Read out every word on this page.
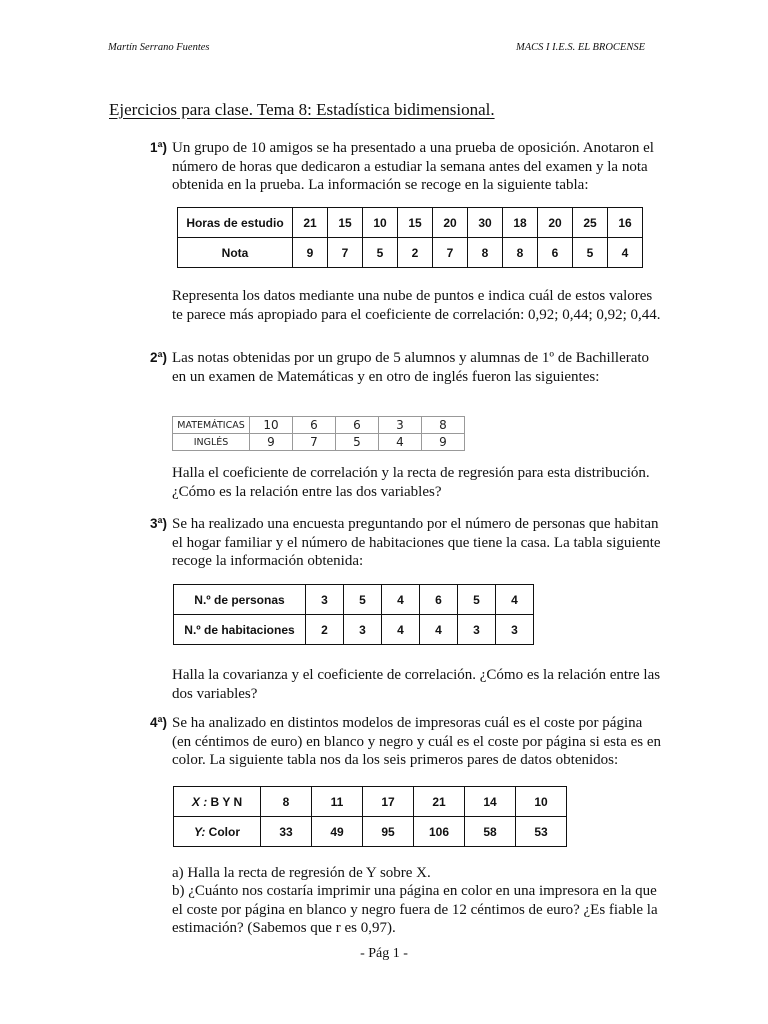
Martín Serrano Fuentes	MACS I I.E.S. EL BROCENSE
Ejercicios para clase. Tema 8: Estadística bidimensional.
1ª) Un grupo de 10 amigos se ha presentado a una prueba de oposición. Anotaron el número de horas que dedicaron a estudiar la semana antes del examen y la nota obtenida en la prueba. La información se recoge en la siguiente tabla:
Horas de estudio	21	15	10	15	20	30	18	20	25	16
Nota	9	7	5	2	7	8	8	6	5	4
Representa los datos mediante una nube de puntos e indica cuál de estos valores te parece más apropiado para el coeficiente de correlación: 0,92; 0,44; 0,92; 0,44.
2ª) Las notas obtenidas por un grupo de 5 alumnos y alumnas de 1º de Bachillerato en un examen de Matemáticas y en otro de inglés fueron las siguientes:
MATEMÁTICAS	10	6	6	3	8
INGLÉS	9	7	5	4	9
Halla el coeficiente de correlación y la recta de regresión para esta distribución. ¿Cómo es la relación entre las dos variables?
3ª) Se ha realizado una encuesta preguntando por el número de personas que habitan el hogar familiar y el número de habitaciones que tiene la casa. La tabla siguiente recoge la información obtenida:
N.º de personas	3	5	4	6	5	4
N.º de habitaciones	2	3	4	4	3	3
Halla la covarianza y el coeficiente de correlación. ¿Cómo es la relación entre las dos variables?
4ª) Se ha analizado en distintos modelos de impresoras cuál es el coste por página (en céntimos de euro) en blanco y negro y cuál es el coste por página si esta es en color. La siguiente tabla nos da los seis primeros pares de datos obtenidos:
X : B Y N	8	11	17	21	14	10
Y: Color	33	49	95	106	58	53
a) Halla la recta de regresión de Y sobre X.
b) ¿Cuánto nos costaría imprimir una página en color en una impresora en la que el coste por página en blanco y negro fuera de 12 céntimos de euro? ¿Es fiable la estimación? (Sabemos que r es 0,97).
- Pág 1 -
